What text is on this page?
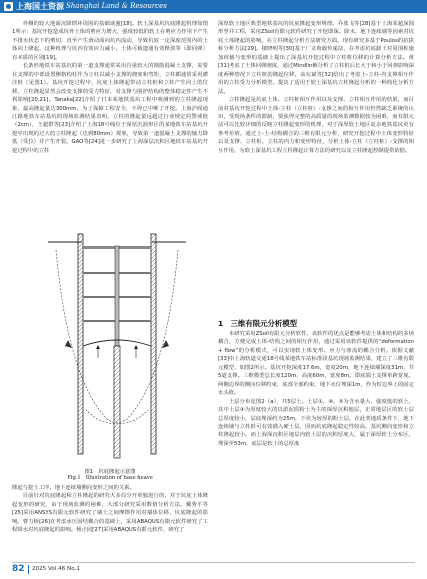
上海国土资源 Shanghai Land & Resources

外侧的较大地面沉降惯环周围的基础谈施[18]。软土深基坑坑底隆起机理如图1所示：基坑开挖造成坑外土体的剪应力增大，强度较低的软土在剪应力作用下产生不排水状态下的剪切，直至产生滑动面向坑内流动，导致坑底一定深度范围内的土体向上隆起，这种机理与坑内有效应力减小、土体可载遗通有效释放等（即回弹）有本质的区别[19]。

长条形地铁车站基坑的第一道支撑通常采用自重较大的钢筋混凝土支撑，需要在支撑的中部设置侧格构柱作为立柱以减小支撑的挠度和弯矩，立柱插通常采用灌注桩（见图1）。基坑开挖过程中，坑底土体隆起带动立柱桩和立柱产生向上的位移。立柱隆起显然会改变支撑的受力特征，对支撑与围护结构的整体稳定性产生不利影响[20,21]。Tanaka[22]介绍了日本某地铁基坑工程中观测到的立柱隆起现象，最高隆起量达300mm，为了保障工程安全，不得已中断了开挖。上海沪阎通江路地铁车站基坑的现场监测结果表明，立柱的隆起量远超过行业规定的警戒值（2cm），王超群等[23]介绍了上海18号线位于深厚沉洞形区的某地铁车站基坑开挖中出现的过大的立柱隆起（达到80mm）现象，导致第一道混凝土支撑的轴力降低（受拉）并产生开裂。GAO等[24]进一步研究了上海深层沉积区地铁车站基坑开挖过程中的立柱

图1　坑底隆起示意图
Fig.1　Illustration of base heave

隆起与挖土工序、地下连续墙侧向变形之间的关系。

目前针对坑底隆起和立柱隆起的研究大多局分开单独进行的，对于坑底土体隆起变形的研究，由于现场监测的困难，大部分研究采用数值分析方法。戴秀平等[25]采用ANSYS有限元软件研究了墙土之间摩擦作用对墙体位移、坑底隆起的影响。曹力桥[26]在考虑承压固结耦合的基础上，采用ABAQUS有限元软件研究了工程降水对坑底隆起的影响。杨正园[27]采用ABAQUS有限元软件，研究了

深厚软土地区典型地铁基坑的坑底隆起变形规律。乔蓝飞等[28]基于上海某超深圆形竖井工程，采用ZSoil有限元软件研究了开挖即深、降水、地下连续墙等因素对坑底土体隆起的影响。在立柱隆起分析方法研究方面，现有研究多基于Poulos的抗拔桩分析方法[29]。楼晓明等[30]基于广义荷载传递法，在考虑坑底卸土对周围桩施加荷载与变形的基础上提出了深基坑开挖过程中立柱桩位移的计算分析方法。黄[31]考虑了土体回弹刚度，通过Mindlin解分析了立柱桩后长大于和小于回弹影响深度两种情况下立柱桩的隆起位移，高在斌等[32]给出了考虑土-立柱-内支撑相互作用的立柱受力分析模型。提出了适用于软土深基坑立柱隆起分析的一种简化分析方法。

立柱隆起是坑底土体、立柱桩相互作用以及支撑、立柱相互作用的结果，而目前对基坑开挖过程中土体-立柱（立柱桩）-支撑之间的相互作用仍然缺乏系统的认识，受现场条件的限制，要获得完整的高质量的现场监测数据较为困难，而有限元法可以比较详细的反映立柱隆起变形的机理，对于深厚软土地区复杂地铁基坑更有参考价值。通过土-土-结构耦合的三维有限元分析，研究开挖过程中土体变形特征以及支撑、立柱桩、立柱的内力和变形特征，分析土体-立柱（立柱桩）-支撑的相互作用，为软土深基坑工程立柱隆起计算方法的研究以及立柱隆起控制提供依据。

1　三维有限元分析模型

本研究采用ZSoil有限元分析软件，该软件的优点是能够考虑土体和结构的多场耦合，方便完成土体-结构之间的相互作用，通过采用该软件提供的“deformation + flow”的分析模式，可以实现软土体变形、应力与渗流的耦合分析。依据文献[33]中上海轨道交通18号线某地铁车站标准段基坑现场监测结果，建立了三维有限元模型，如图2所示。基坑开挖深度17.6m，宽度20m，地下连续墙深度31m，共5道支撑。三维模型总长度120m，高度60m，宽度8m。即底端土支撑单跨宽度。两侧边界的侧向位移约束，底部全部约束，地下水位埋深1m，作为恒边界上的固定水头值。

土层分布见图2（a），共5层土。土层①、④、⑤为含水量大、强度低的软土，其中土层④为厚度较大的以淤泥质粉土为主的深厚沉积地层，正常地层区的软土层总厚度较小，层底埋深约为25m，下伏为较厚的粉土层。在此类地质条件下，地下连续墙与立柱桩可有效锚入硬土层，因而坑底隆起稳定性较高，基坑侧向变形和立柱隆起较小。而上海深沉积区地层内软土层的沉积厚度大，属于深厚软土分布区，埋深至53m，底层是软土的总厚度

82 2025 Vol.46 No.1
